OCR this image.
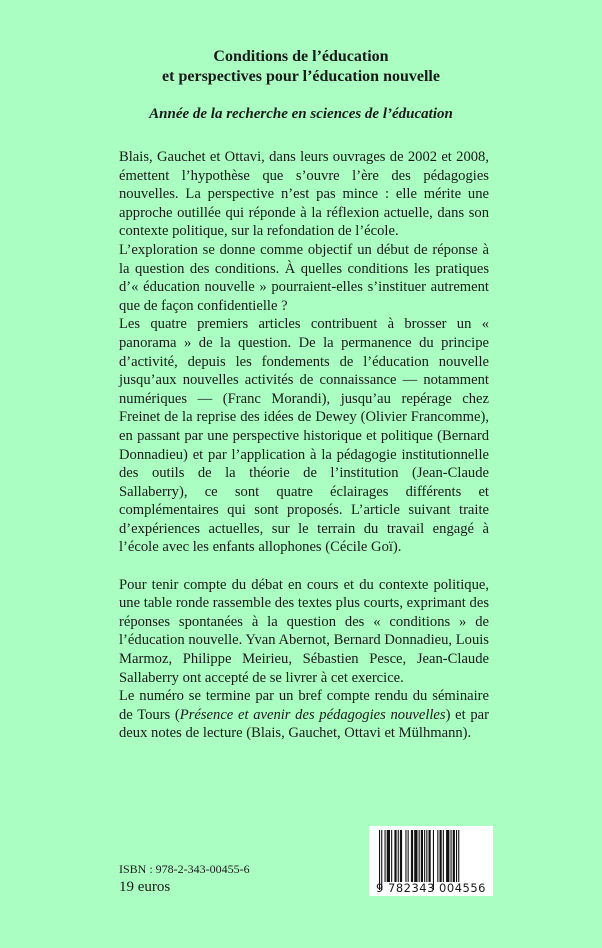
Conditions de l’éducation
et perspectives pour l’éducation nouvelle
Année de la recherche en sciences de l’éducation

Blais, Gauchet et Ottavi, dans leurs ouvrages de 2002 et 2008, émettent l’hypothèse que s’ouvre l’ère des pédagogies nouvelles. La perspective n’est pas mince : elle mérite une approche outillée qui réponde à la réflexion actuelle, dans son contexte politique, sur la refondation de l’école.

L’exploration se donne comme objectif un début de réponse à la question des conditions. À quelles conditions les pratiques d’« éducation nouvelle » pourraient-elles s’instituer autrement que de façon confidentielle ?

Les quatre premiers articles contribuent à brosser un « panorama » de la question. De la permanence du principe d’activité, depuis les fondements de l’éducation nouvelle jusqu’aux nouvelles activités de connaissance — notamment numériques — (Franc Morandi), jusqu’au repérage chez Freinet de la reprise des idées de Dewey (Olivier Francomme), en passant par une perspective historique et politique (Bernard Donnadieu) et par l’application à la pédagogie institutionnelle des outils de la théorie de l’institution (Jean-Claude Sallaberry), ce sont quatre éclairages différents et complémentaires qui sont proposés. L’article suivant traite d’expériences actuelles, sur le terrain du travail engagé à l’école avec les enfants allophones (Cécile Goï).

Pour tenir compte du débat en cours et du contexte politique, une table ronde rassemble des textes plus courts, exprimant des réponses spontanées à la question des « conditions » de l’éducation nouvelle. Yvan Abernot, Bernard Donnadieu, Louis Marmoz, Philippe Meirieu, Sébastien Pesce, Jean-Claude Sallaberry ont accepté de se livrer à cet exercice.

Le numéro se termine par un bref compte rendu du séminaire de Tours (Présence et avenir des pédagogies nouvelles) et par deux notes de lecture (Blais, Gauchet, Ottavi et Mülhmann).

ISBN : 978-2-343-00455-6
19 euros	9 782343 004556
